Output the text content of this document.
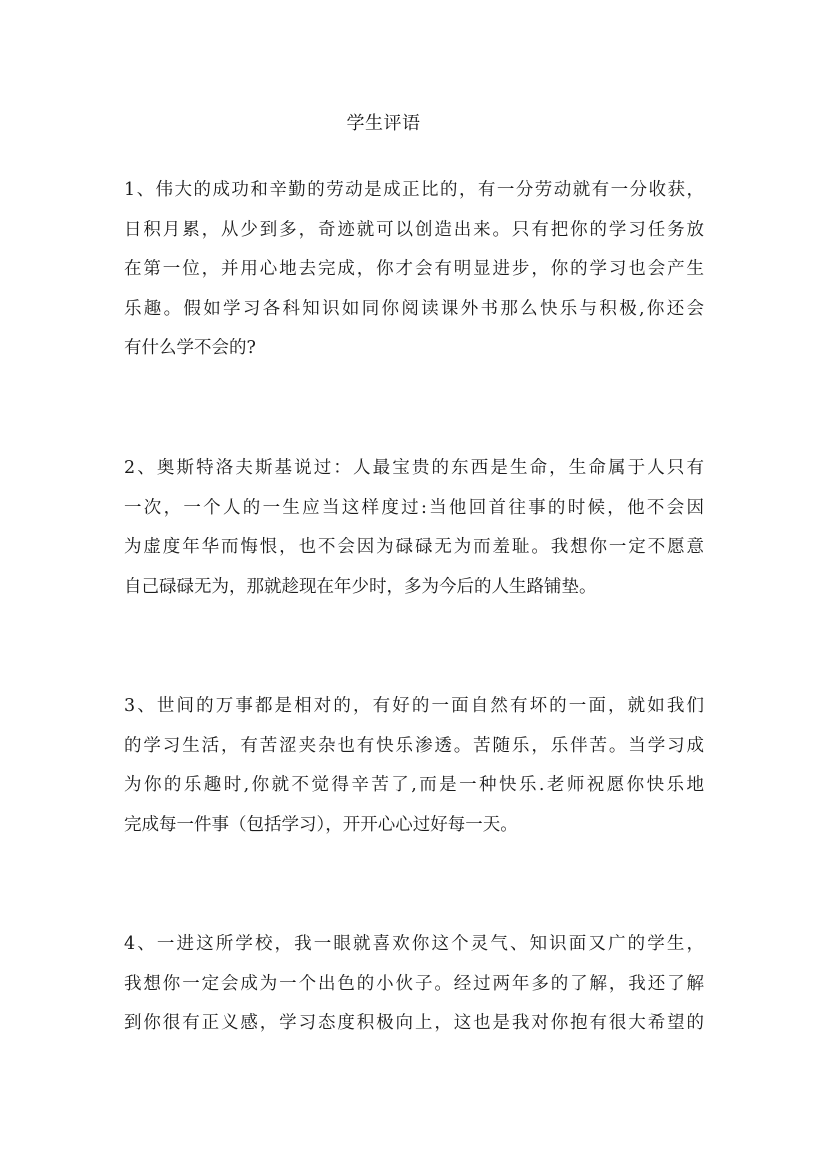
学生评语
1、伟大的成功和辛勤的劳动是成正比的，有一分劳动就有一分收获，
日积月累，从少到多，奇迹就可以创造出来。只有把你的学习任务放
在第一位，并用心地去完成，你才会有明显进步，你的学习也会产生
乐趣。假如学习各科知识如同你阅读课外书那么快乐与积极,你还会
有什么学不会的?
2、奥斯特洛夫斯基说过：人最宝贵的东西是生命，生命属于人只有
一次，一个人的一生应当这样度过:当他回首往事的时候，他不会因
为虚度年华而悔恨，也不会因为碌碌无为而羞耻。我想你一定不愿意
自己碌碌无为，那就趁现在年少时，多为今后的人生路铺垫。
3、世间的万事都是相对的，有好的一面自然有坏的一面，就如我们
的学习生活，有苦涩夹杂也有快乐渗透。苦随乐，乐伴苦。当学习成
为你的乐趣时,你就不觉得辛苦了,而是一种快乐.老师祝愿你快乐地
完成每一件事（包括学习），开开心心过好每一天。
4、一进这所学校，我一眼就喜欢你这个灵气、知识面又广的学生，
我想你一定会成为一个出色的小伙子。经过两年多的了解，我还了解
到你很有正义感，学习态度积极向上，这也是我对你抱有很大希望的
